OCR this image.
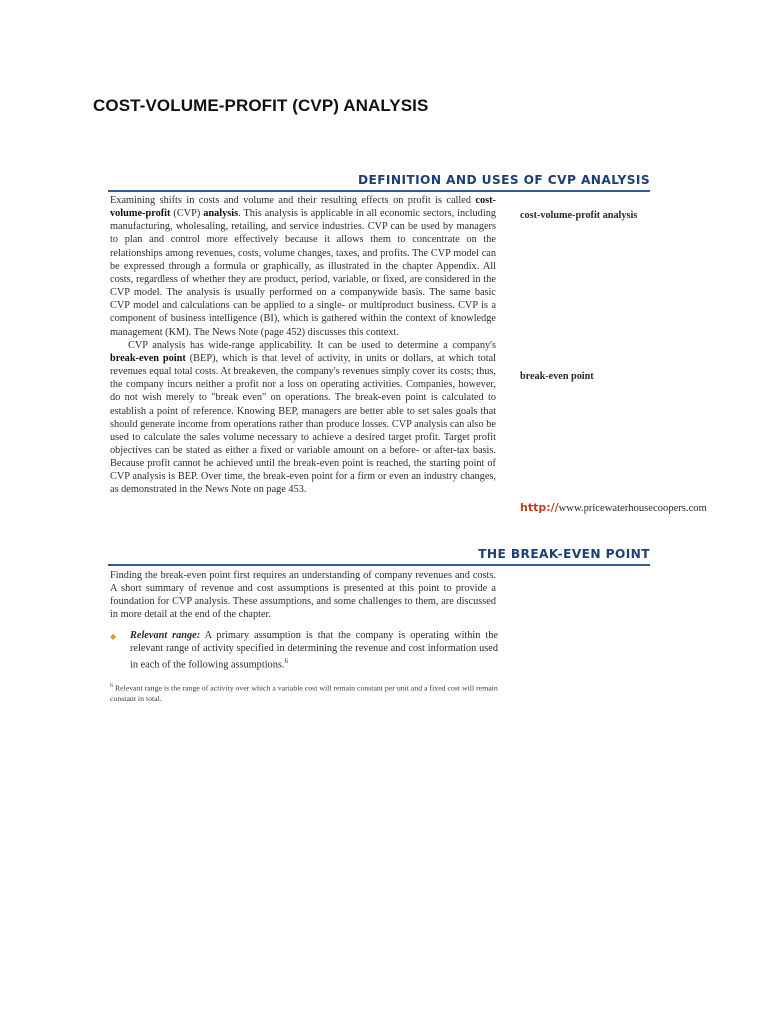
COST-VOLUME-PROFIT (CVP) ANALYSIS
DEFINITION AND USES OF CVP ANALYSIS

Examining shifts in costs and volume and their resulting effects on profit is called cost-volume-profit (CVP) analysis. This analysis is applicable in all economic sectors, including manufacturing, wholesaling, retailing, and service industries. CVP can be used by managers to plan and control more effectively because it allows them to concentrate on the relationships among revenues, costs, volume changes, taxes, and profits. The CVP model can be expressed through a formula or graphically, as illustrated in the chapter Appendix. All costs, regardless of whether they are product, period, variable, or fixed, are considered in the CVP model. The analysis is usually performed on a companywide basis. The same basic CVP model and calculations can be applied to a single- or multiproduct business. CVP is a component of business intelligence (BI), which is gathered within the context of knowledge management (KM). The News Note (page 452) discusses this context.

CVP analysis has wide-range applicability. It can be used to determine a company's break-even point (BEP), which is that level of activity, in units or dollars, at which total revenues equal total costs. At breakeven, the company's revenues simply cover its costs; thus, the company incurs neither a profit nor a loss on operating activities. Companies, however, do not wish merely to "break even" on operations. The break-even point is calculated to establish a point of reference. Knowing BEP, managers are better able to set sales goals that should generate income from operations rather than produce losses. CVP analysis can also be used to calculate the sales volume necessary to achieve a desired target profit. Target profit objectives can be stated as either a fixed or variable amount on a before- or after-tax basis. Because profit cannot be achieved until the break-even point is reached, the starting point of CVP analysis is BEP. Over time, the break-even point for a firm or even an industry changes, as demonstrated in the News Note on page 453.

cost-volume-profit analysis

break-even point

http://www.pricewaterhousecoopers.com

THE BREAK-EVEN POINT

Finding the break-even point first requires an understanding of company revenues and costs. A short summary of revenue and cost assumptions is presented at this point to provide a foundation for CVP analysis. These assumptions, and some challenges to them, are discussed in more detail at the end of the chapter.

◆ Relevant range: A primary assumption is that the company is operating within the relevant range of activity specified in determining the revenue and cost information used in each of the following assumptions.$^6$

$^6$ Relevant range is the range of activity over which a variable cost will remain constant per unit and a fixed cost will remain constant in total.
